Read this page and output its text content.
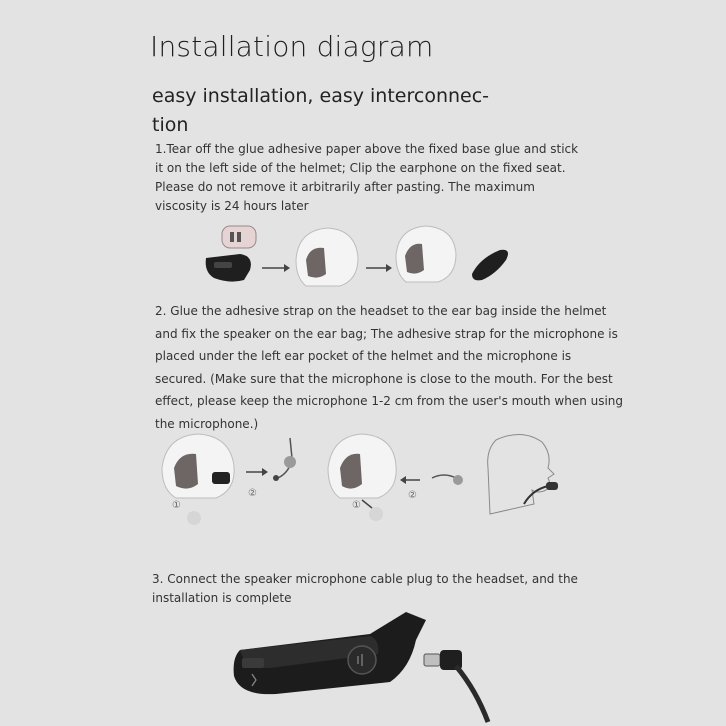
Installation diagram
easy installation, easy interconnec-tion
1.Tear off the glue adhesive paper above the fixed base glue and stick it on the left side of the helmet; Clip the earphone on the fixed seat. Please do not remove it arbitrarily after pasting. The maximum viscosity is 24 hours later
2. Glue the adhesive strap on the headset to the ear bag inside the helmet and fix the speaker on the ear bag; The adhesive strap for the microphone is placed under the left ear pocket of the helmet and the microphone is secured. (Make sure that the microphone is close to the mouth. For the best effect, please keep the microphone 1-2 cm from the user's mouth when using the microphone.)
①
②
①
②
3. Connect the speaker microphone cable plug to the headset, and the installation is complete
